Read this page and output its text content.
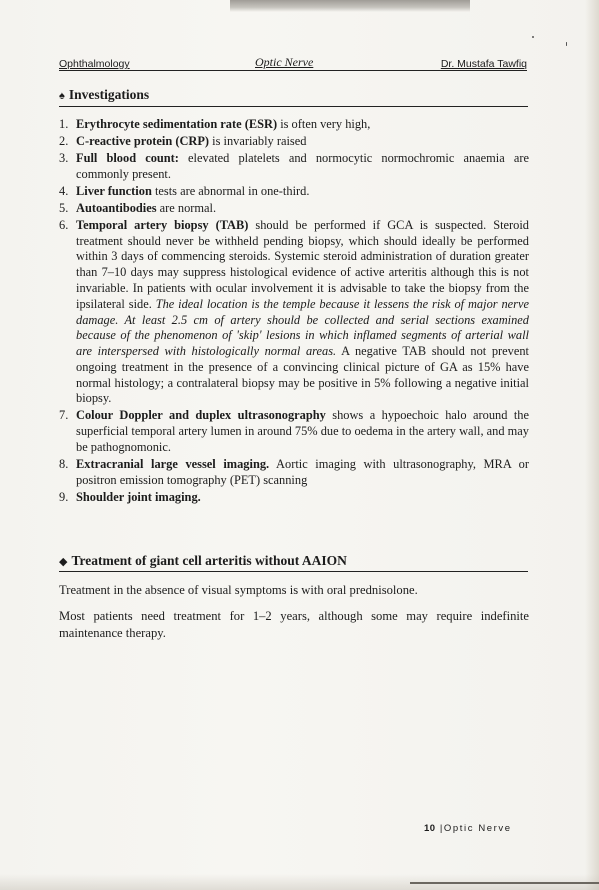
Ophthalmology	Optic Nerve	Dr. Mustafa Tawfiq
♠ Investigations
1. Erythrocyte sedimentation rate (ESR) is often very high,
2. C-reactive protein (CRP) is invariably raised
3. Full blood count: elevated platelets and normocytic normochromic anaemia are commonly present.
4. Liver function tests are abnormal in one-third.
5. Autoantibodies are normal.
6. Temporal artery biopsy (TAB) should be performed if GCA is suspected. Steroid treatment should never be withheld pending biopsy, which should ideally be performed within 3 days of commencing steroids. Systemic steroid administration of duration greater than 7–10 days may suppress histological evidence of active arteritis although this is not invariable. In patients with ocular involvement it is advisable to take the biopsy from the ipsilateral side. The ideal location is the temple because it lessens the risk of major nerve damage. At least 2.5 cm of artery should be collected and serial sections examined because of the phenomenon of 'skip' lesions in which inflamed segments of arterial wall are interspersed with histologically normal areas. A negative TAB should not prevent ongoing treatment in the presence of a convincing clinical picture of GA as 15% have normal histology; a contralateral biopsy may be positive in 5% following a negative initial biopsy.
7. Colour Doppler and duplex ultrasonography shows a hypoechoic halo around the superficial temporal artery lumen in around 75% due to oedema in the artery wall, and may be pathognomonic.
8. Extracranial large vessel imaging. Aortic imaging with ultrasonography, MRA or positron emission tomography (PET) scanning
9. Shoulder joint imaging.
◆ Treatment of giant cell arteritis without AAION

Treatment in the absence of visual symptoms is with oral prednisolone.

Most patients need treatment for 1–2 years, although some may require indefinite maintenance therapy.

10 |Optic Nerve
